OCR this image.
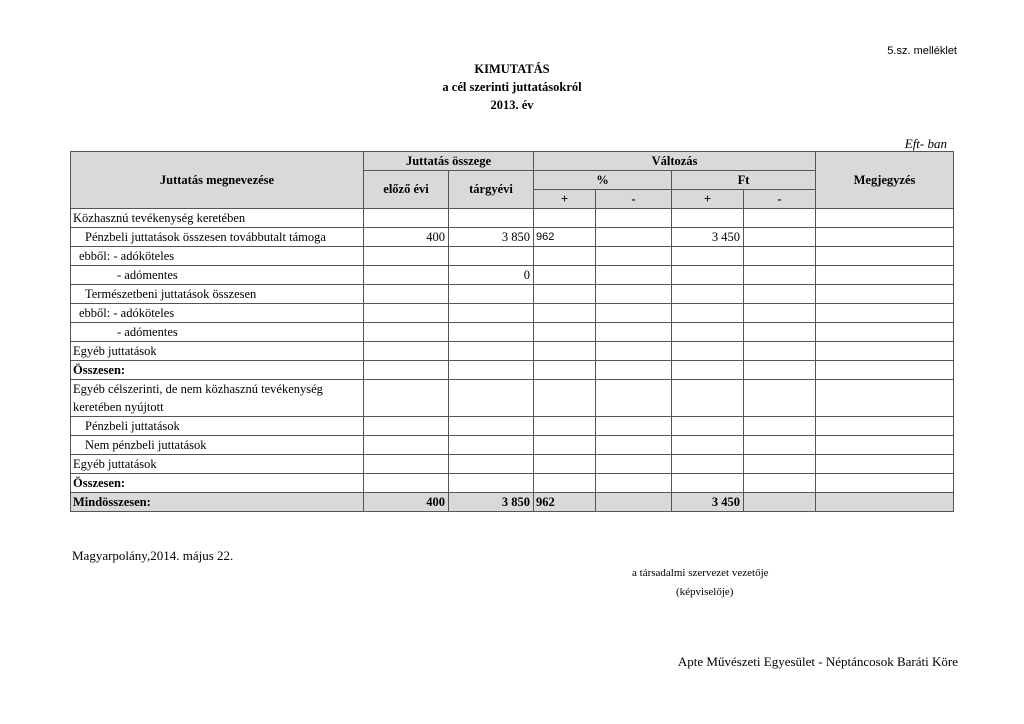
5.sz. melléklet
KIMUTATÁS
a cél szerinti juttatásokról
2013. év
Eft- ban
Juttatás megnevezése	Juttatás összege		Változás				Megjegyzés
	előző évi	tárgyévi	%		Ft		
			+	-	+	-	
Közhasznú tevékenység keretében							
Pénzbeli juttatások összesen továbbutalt támoga	400	3 850	962		3 450		
ebből: - adóköteles							
- adómentes		0					
Természetbeni juttatások összesen							
ebből: - adóköteles							
- adómentes							
Egyéb juttatások							
Összesen:							
Egyéb célszerinti, de nem közhasznú tevékenység keretében nyújtott							
Pénzbeli juttatások							
Nem pénzbeli juttatások							
Egyéb juttatások							
Összesen:							
Mindösszesen:	400	3 850	962		3 450		
Magyarpolány,2014. május 22.
a társadalmi szervezet vezetője
(képviselője)
Apte Művészeti Egyesület - Néptáncosok Baráti Köre
